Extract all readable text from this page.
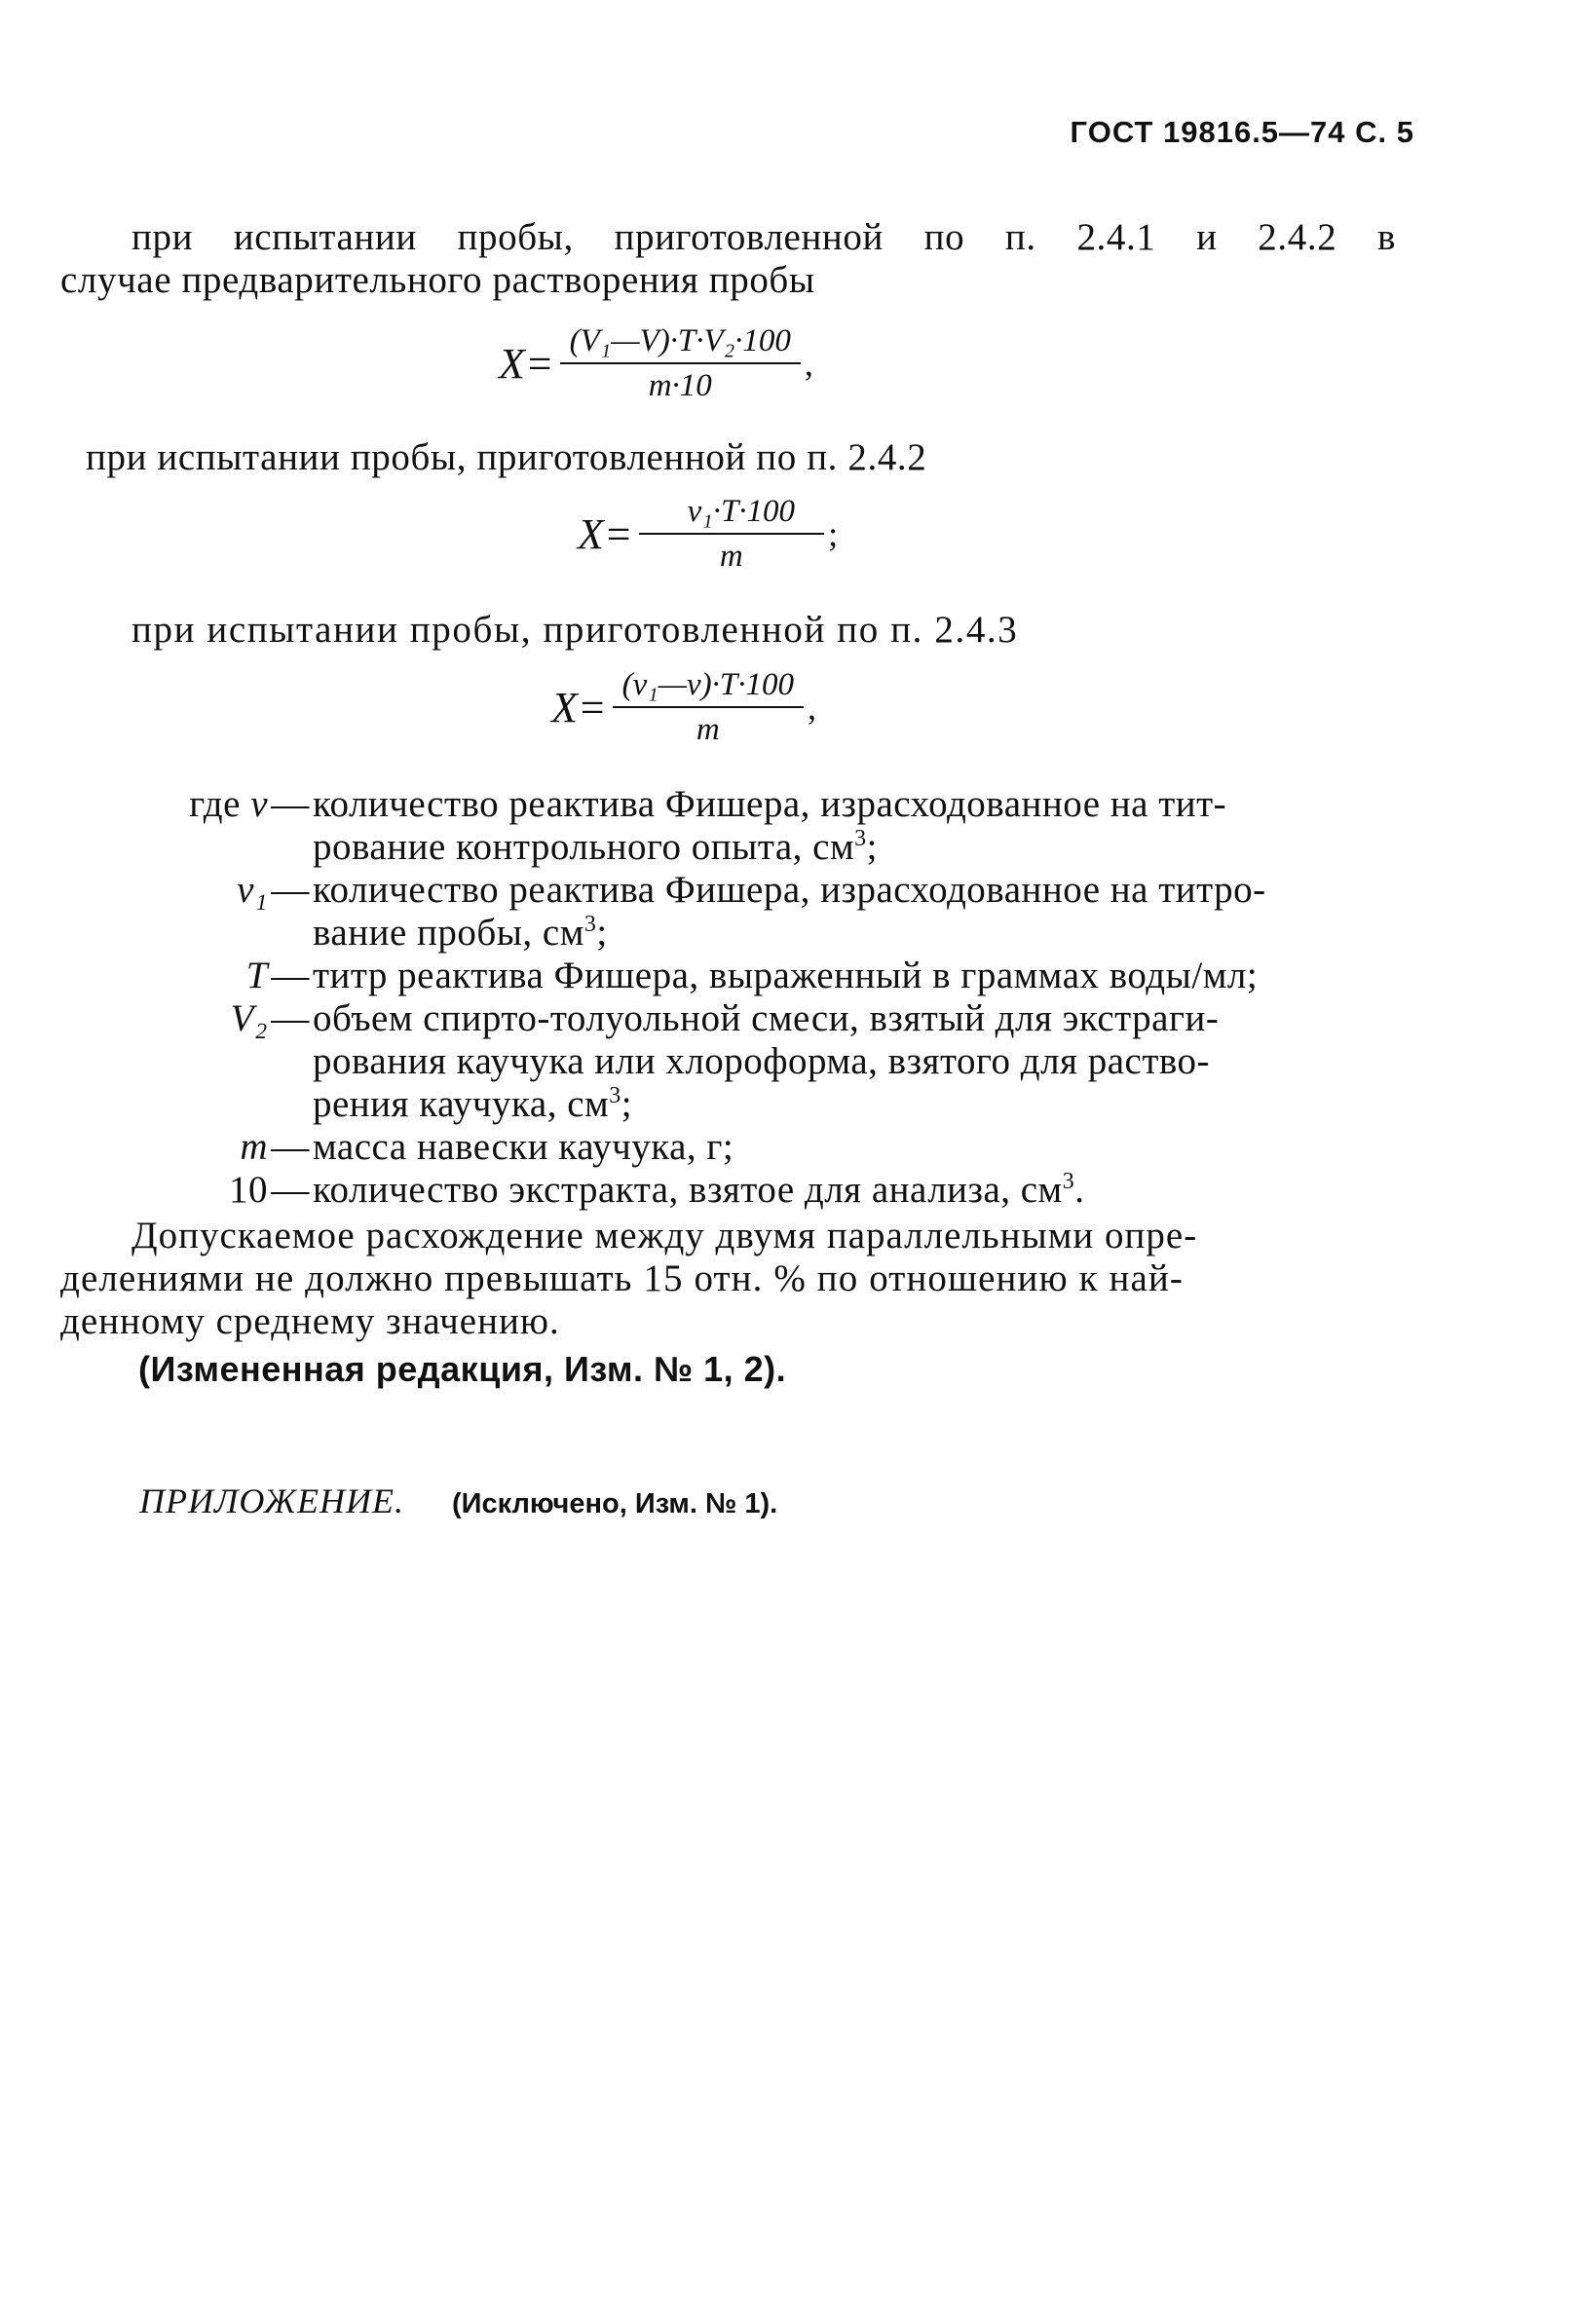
ГОСТ 19816.5—74 С. 5
при испытании пробы, приготовленной по п. 2.4.1 и 2.4.2 в
случае предварительного растворения пробы
$X= \frac{\text{(V₁—V)·T·V₂·100}}{m\cdot 10}$ ,
при испытании пробы, приготовленной по п. 2.4.2
$X= \frac{\text{v₁·T·100}}{m}$ ;
при испытании пробы, приготовленной по п. 2.4.3
$X= \frac{\text{(v₁—v)·T·100}}{m}$ ,
где v — количество реактива Фишера, израсходованное на тит-
рование контрольного опыта, $см^3$;
v₁ — количество реактива Фишера, израсходованное на титро-
вание пробы, $см^3$;
T — титр реактива Фишера, выраженный в граммах воды/мл;
V₂ — объем спирто-толуольной смеси, взятый для экстраги-
рования каучука или хлороформа, взятого для раство-
рения каучука, $см^3$;
m — масса навески каучука, г;
10 — количество экстракта, взятое для анализа, $см^3$.
Допускаемое расхождение между двумя параллельными опре-
делениями не должно превышать 15 отн. % по отношению к най-
денному среднему значению.
(Измененная редакция, Изм. № 1, 2).
ПРИЛОЖЕНИЕ. (Исключено, Изм. № 1).
